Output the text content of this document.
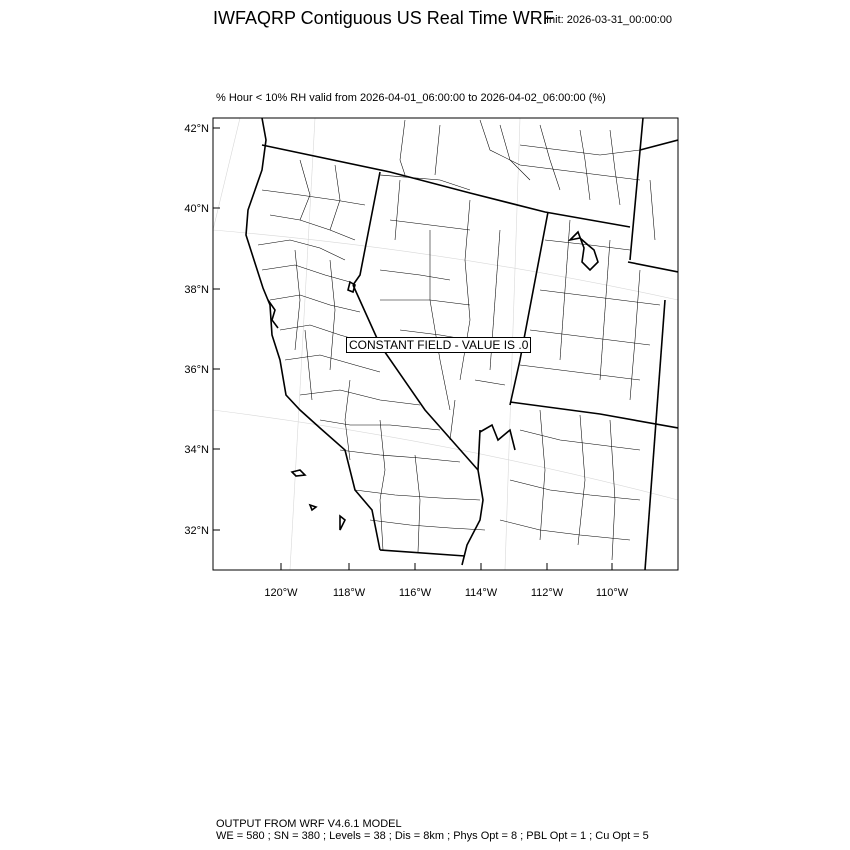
IWFAQRP Contiguous US Real Time WRF
Init: 2026-03-31_00:00:00
% Hour < 10% RH valid from 2026-04-01_06:00:00 to 2026-04-02_06:00:00 (%)
42°N
40°N
38°N
36°N
34°N
32°N
120°W	118°W	116°W	114°W	112°W	110°W
CONSTANT FIELD - VALUE IS .0
OUTPUT FROM WRF V4.6.1 MODEL
WE = 580 ; SN = 380 ; Levels = 38 ; Dis = 8km ; Phys Opt = 8 ; PBL Opt = 1 ; Cu Opt = 5
